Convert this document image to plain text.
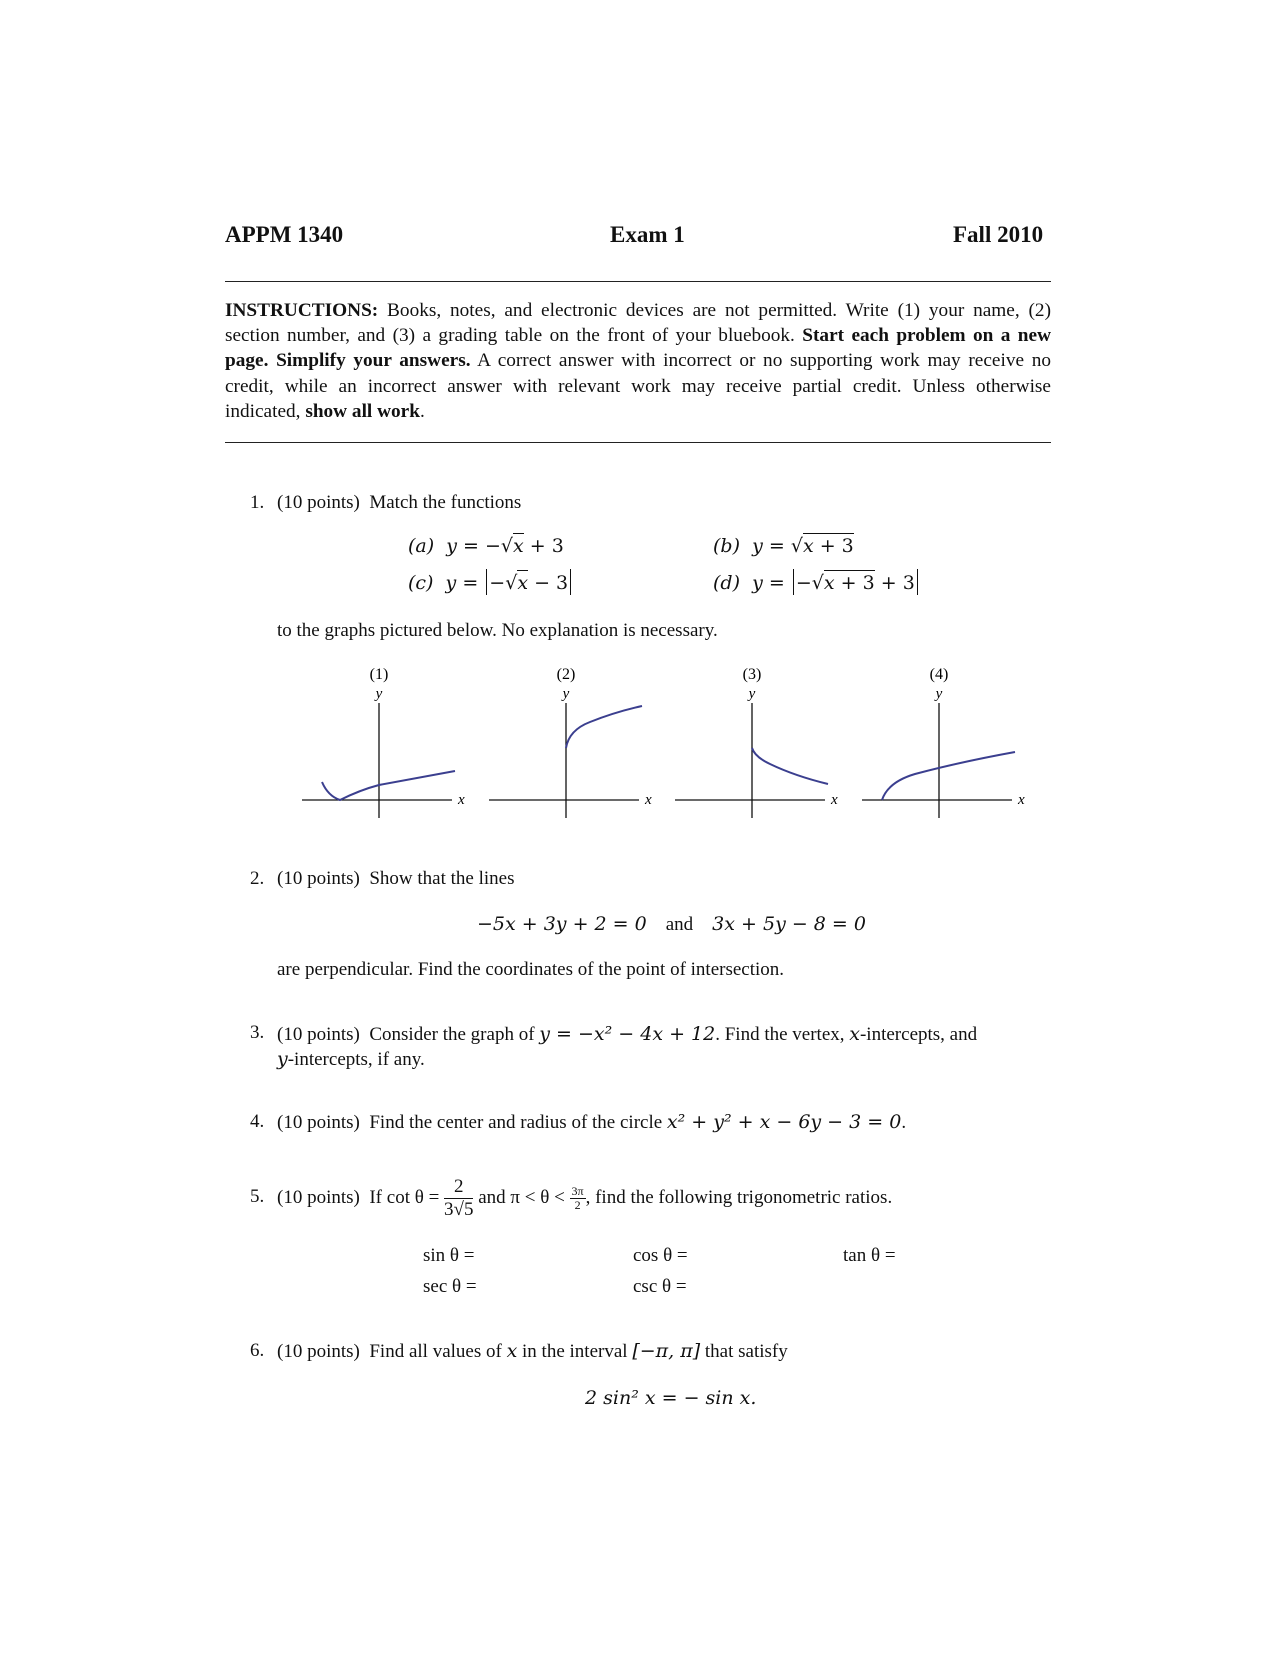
APPM 1340	Exam 1	Fall 2010
INSTRUCTIONS: Books, notes, and electronic devices are not permitted. Write (1) your name, (2) section number, and (3) a grading table on the front of your bluebook. Start each problem on a new page. Simplify your answers. A correct answer with incorrect or no supporting work may receive no credit, while an incorrect answer with relevant work may receive partial credit. Unless otherwise indicated, show all work.
1. (10 points) Match the functions
(a)  y = −√x + 3	(b)  y = √x + 3
(c)  y = −√x − 3	(d)  y = −√x + 3 + 3
to the graphs pictured below. No explanation is necessary.
(1)
y
x
(2)
y
x
(3)
y
x
(4)
y
x
2. (10 points) Show that the lines
−5x + 3y + 2 = 0 and 3x + 5y − 8 = 0
are perpendicular. Find the coordinates of the point of intersection.
3. (10 points) Consider the graph of y = −x² − 4x + 12. Find the vertex, x-intercepts, and
y-intercepts, if any.
4. (10 points) Find the center and radius of the circle x² + y² + x − 6y − 3 = 0.
5. (10 points)
If cot θ =
$\frac{2}{3√5}$
and π < θ <
$\frac{3\pi}{2}$ , find the following trigonometric ratios.
sin θ =	cos θ =	tan θ =
sec θ =	csc θ =
6. (10 points) Find all values of x in the interval [−π, π] that satisfy
2 sin² x = − sin x.
